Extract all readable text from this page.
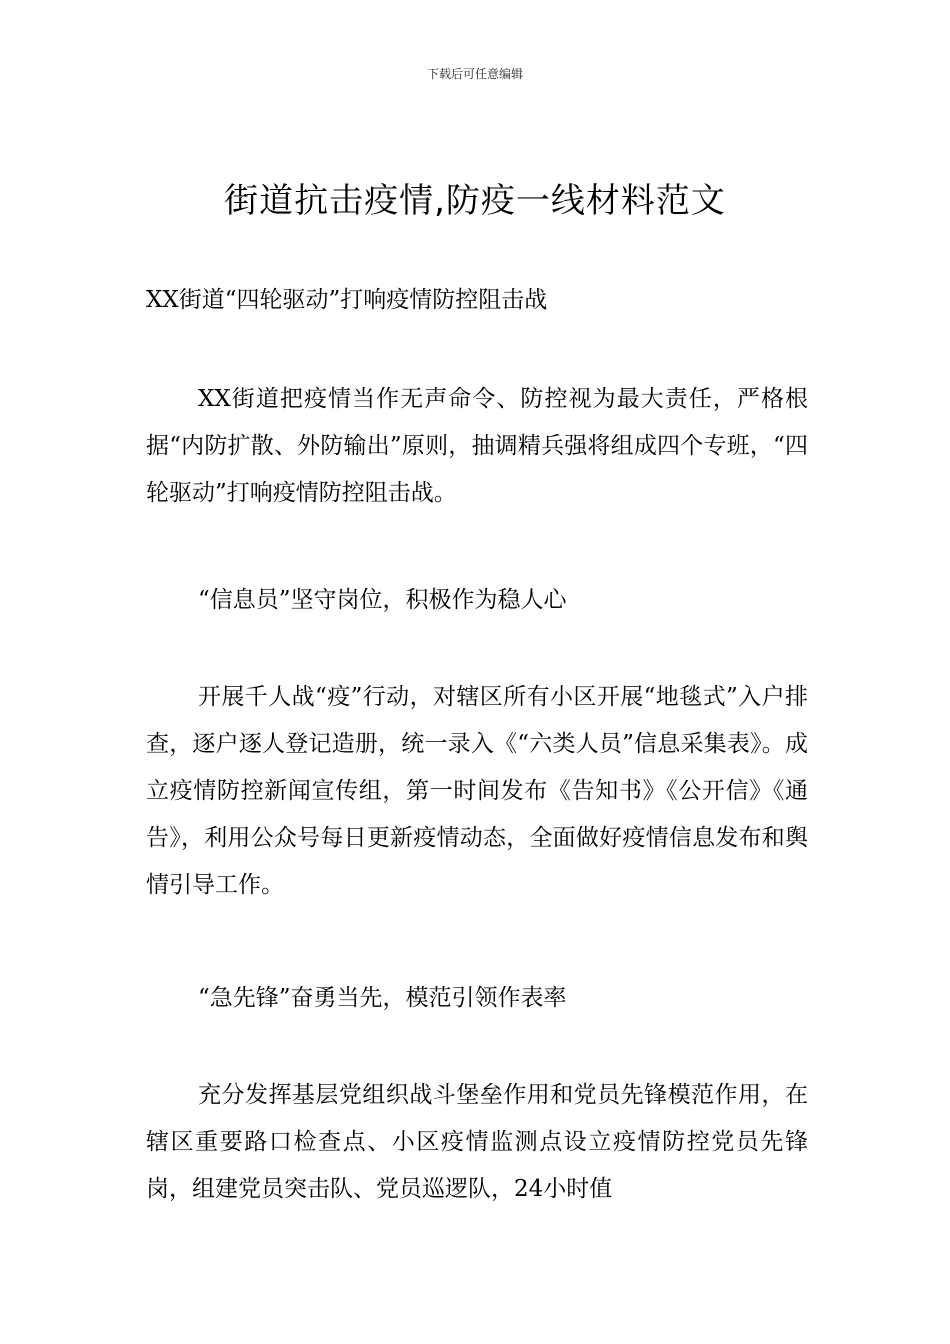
下载后可任意编辑
街道抗击疫情,防疫一线材料范文

XX街道“四轮驱动”打响疫情防控阻击战

XX街道把疫情当作无声命令、防控视为最大责任，严格根据“内防扩散、外防输出”原则，抽调精兵强将组成四个专班，“四轮驱动”打响疫情防控阻击战。

“信息员”坚守岗位，积极作为稳人心

开展千人战“疫”行动，对辖区所有小区开展“地毯式”入户排查，逐户逐人登记造册，统一录入《“六类人员”信息采集表》。成立疫情防控新闻宣传组，第一时间发布《告知书》《公开信》《通告》，利用公众号每日更新疫情动态，全面做好疫情信息发布和舆情引导工作。

“急先锋”奋勇当先，模范引领作表率

充分发挥基层党组织战斗堡垒作用和党员先锋模范作用，在辖区重要路口检查点、小区疫情监测点设立疫情防控党员先锋岗，组建党员突击队、党员巡逻队，24小时值
